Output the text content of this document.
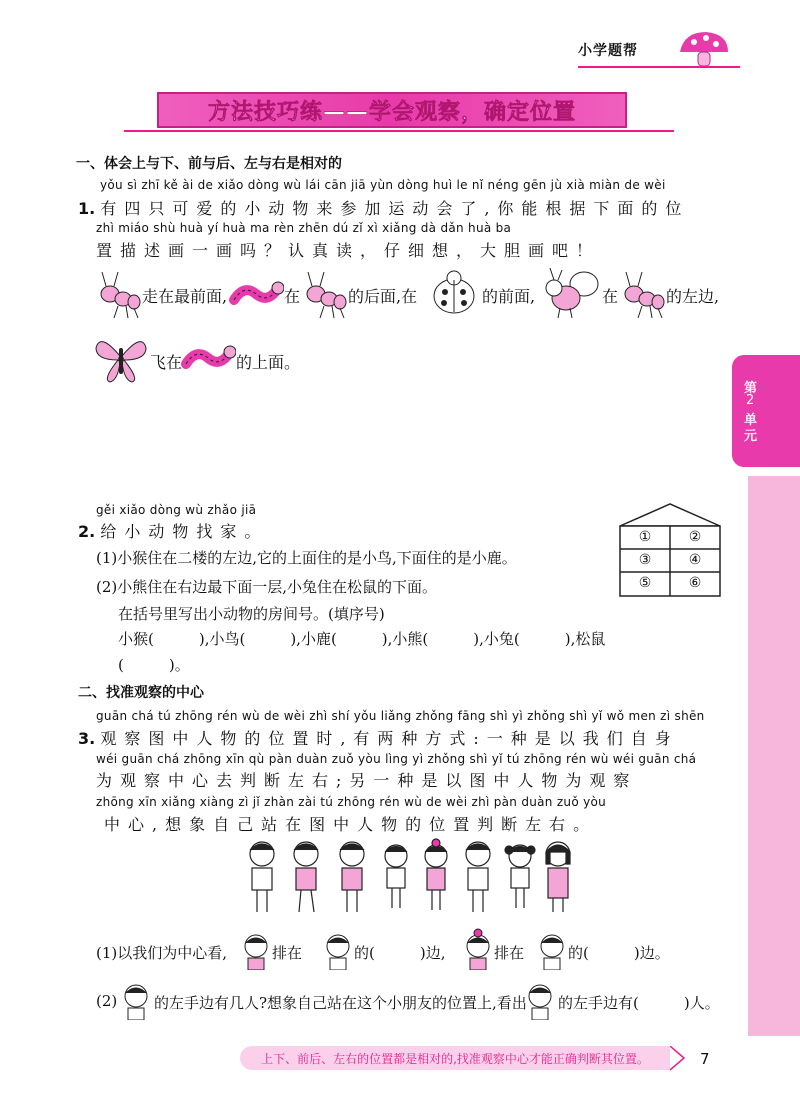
小学题帮
方法技巧练——学会观察，确定位置
第
2
单
元
一、体会上与下、前与后、左与右是相对的
yǒu sì zhī kě ài de xiǎo dòng wù lái cān jiā yùn dòng huì le nǐ néng gēn jù xià miàn de wèi
1. 有四只可爱的小动物来参加运动会了,你能根据下面的位
zhì miáo shù huà yí huà ma rèn zhēn dú zǐ xì xiǎng dà dǎn huà ba
置描述画一画吗？认真读，仔细想，大胆画吧！
走在最前面,	在	的后面,在	的前面,	在	的左边,
飞在	的上面。
gěi xiǎo dòng wù zhǎo jiā
2. 给小动物找家。
(1)小猴住在二楼的左边,它的上面住的是小鸟,下面住的是小鹿。
(2)小熊住在右边最下面一层,小兔住在松鼠的下面。
在括号里写出小动物的房间号。(填序号)
小猴(　　　),小鸟(　　　),小鹿(　　　),小熊(　　　),小兔(　　　),松鼠
(　　　)。
①	②
③	④
⑤	⑥
二、找准观察的中心
guān chá tú zhōng rén wù de wèi zhì shí yǒu liǎng zhǒng fāng shì yì zhǒng shì yǐ wǒ men zì shēn
3. 观察图中人物的位置时,有两种方式:一种是以我们自身
wéi guān chá zhōng xīn qù pàn duàn zuǒ yòu lìng yì zhǒng shì yǐ tú zhōng rén wù wéi guān chá
为观察中心去判断左右;另一种是以图中人物为观察
zhōng xīn xiǎng xiàng zì jǐ zhàn zài tú zhōng rén wù de wèi zhì pàn duàn zuǒ yòu
中心,想象自己站在图中人物的位置判断左右。
(1)以我们为中心看,	排在	的(　　　)边,	排在	的(　　　)边。
(2) 的左手边有几人?想象自己站在这个小朋友的位置上,看出 的左手边有(　　　)人。
上下、前后、左右的位置都是相对的,找准观察中心才能正确判断其位置。	7
